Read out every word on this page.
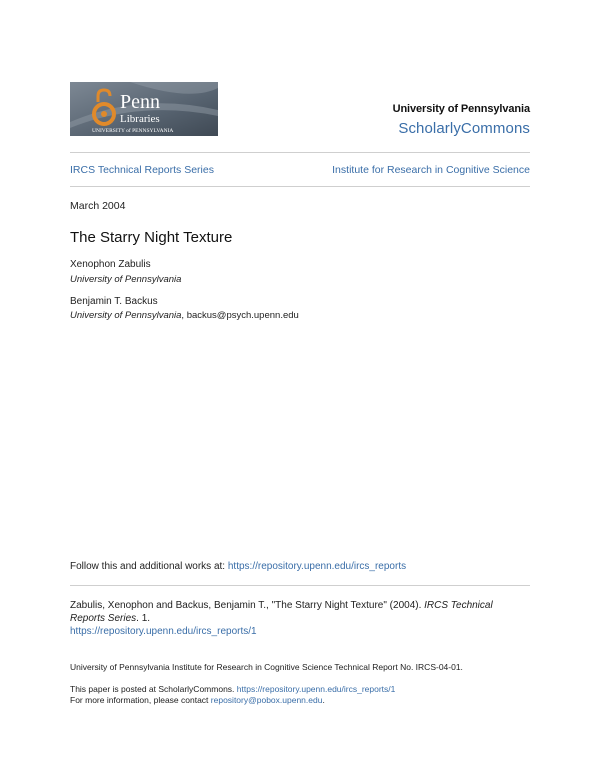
Penn
Libraries
UNIVERSITY of PENNSYLVANIA
University of Pennsylvania
ScholarlyCommons
IRCS Technical Reports Series	Institute for Research in Cognitive Science
March 2004
The Starry Night Texture
Xenophon Zabulis
University of Pennsylvania
Benjamin T. Backus
University of Pennsylvania, backus@psych.upenn.edu
Follow this and additional works at: https://repository.upenn.edu/ircs_reports
Zabulis, Xenophon and Backus, Benjamin T., "The Starry Night Texture" (2004). IRCS Technical Reports Series. 1.
https://repository.upenn.edu/ircs_reports/1
University of Pennsylvania Institute for Research in Cognitive Science Technical Report No. IRCS-04-01.
This paper is posted at ScholarlyCommons. https://repository.upenn.edu/ircs_reports/1
For more information, please contact repository@pobox.upenn.edu.
